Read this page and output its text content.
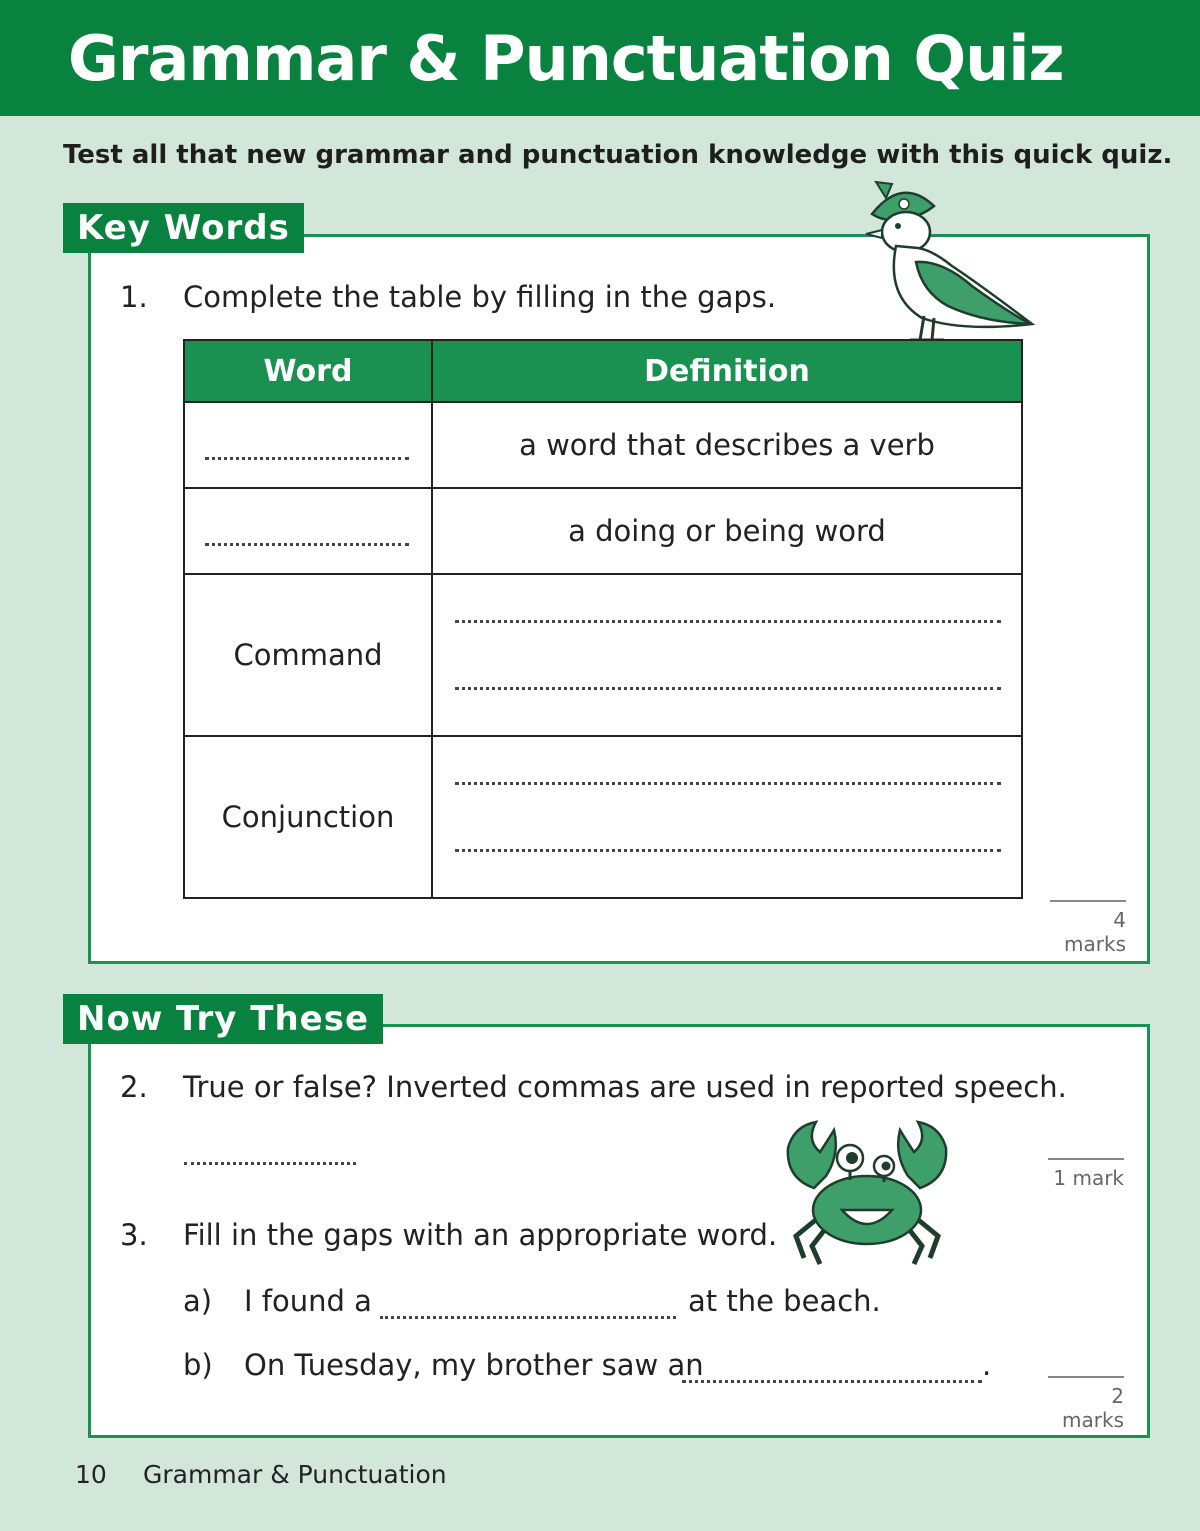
Grammar & Punctuation Quiz
Test all that new grammar and punctuation knowledge with this quick quiz.
Key Words
1. Complete the table by filling in the gaps.
Word	Definition
	a word that describes a verb
	a doing or being word
Command	

Conjunction	
4 marks
Now Try These
2. True or false? Inverted commas are used in reported speech.
1 mark
3. Fill in the gaps with an appropriate word.
a) I found a	at the beach.
b) On Tuesday, my brother saw an	.
2 marks
10 Grammar & Punctuation
